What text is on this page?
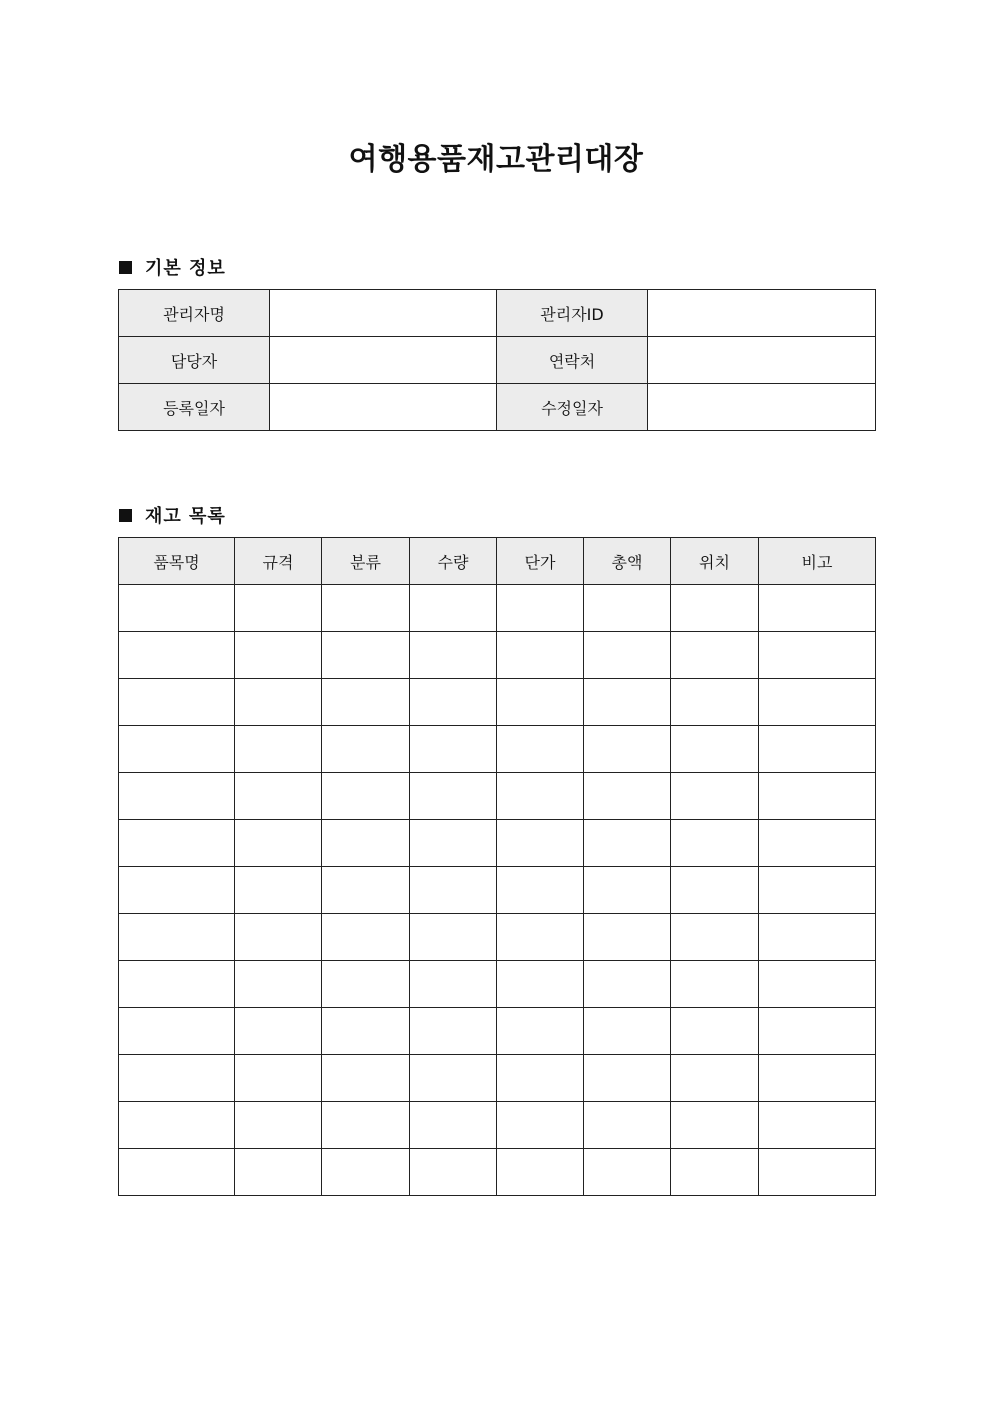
여행용품재고관리대장
기본 정보
관리자명		관리자ID	
담당자		연락처	
등록일자		수정일자	
재고 목록
품목명	규격	분류	수량	단가	총액	위치	비고
